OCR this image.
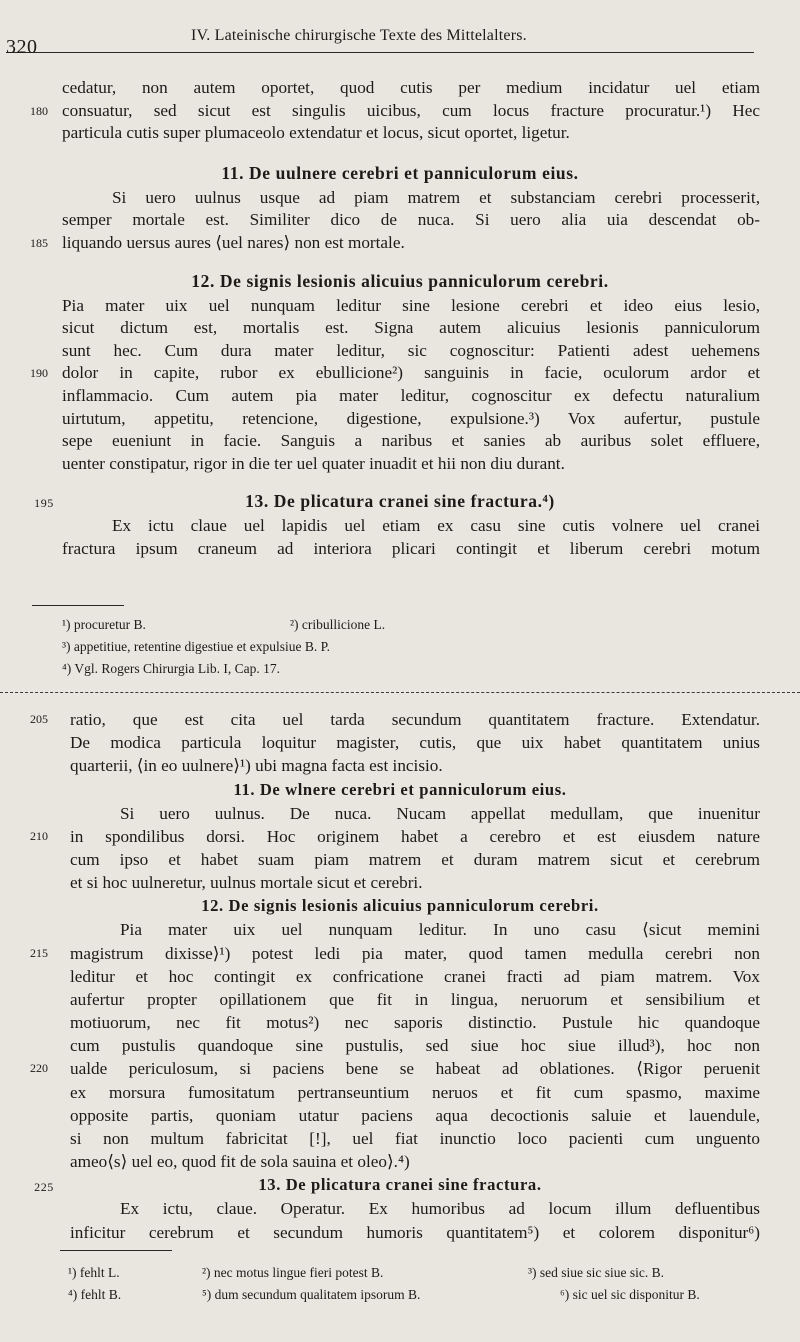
320
IV. Lateinische chirurgische Texte des Mittelalters.
cedatur, non autem oportet, quod cutis per medium incidatur uel etiam
180 consuatur, sed sicut est singulis uicibus, cum locus fracture procuratur.¹) Hec
particula cutis super plumaceolo extendatur et locus, sicut oportet, ligetur.
11. De uulnere cerebri et panniculorum eius.
Si uero uulnus usque ad piam matrem et substanciam cerebri processerit,
semper mortale est. Similiter dico de nuca. Si uero alia uia descendat ob-
185 liquando uersus aures ⟨uel nares⟩ non est mortale.
12. De signis lesionis alicuius panniculorum cerebri.
Pia mater uix uel nunquam leditur sine lesione cerebri et ideo eius lesio,
sicut dictum est, mortalis est. Signa autem alicuius lesionis panniculorum
sunt hec. Cum dura mater leditur, sic cognoscitur: Patienti adest uehemens
190 dolor in capite, rubor ex ebullicione²) sanguinis in facie, oculorum ardor et
inflammacio. Cum autem pia mater leditur, cognoscitur ex defectu naturalium
uirtutum, appetitu, retencione, digestione, expulsione.³) Vox aufertur, pustule
sepe eueniunt in facie. Sanguis a naribus et sanies ab auribus solet effluere,
uenter constipatur, rigor in die ter uel quater inuadit et hii non diu durant.
195	13. De plicatura cranei sine fractura.⁴)
Ex ictu claue uel lapidis uel etiam ex casu sine cutis volnere uel cranei
fractura ipsum craneum ad interiora plicari contingit et liberum cerebri motum
¹) procuretur B.	²) cribullicione L.
³) appetitiue, retentine digestiue et expulsiue B. P.
⁴) Vgl. Rogers Chirurgia Lib. I, Cap. 17.
205	ratio, que est cita uel tarda secundum quantitatem fracture. Extendatur.
De modica particula loquitur magister, cutis, que uix habet quantitatem unius
quarterii, ⟨in eo uulnere⟩¹) ubi magna facta est incisio.
11. De wlnere cerebri et panniculorum eius.
Si uero uulnus. De nuca. Nucam appellat medullam, que inuenitur
210	in spondilibus dorsi. Hoc originem habet a cerebro et est eiusdem nature
cum ipso et habet suam piam matrem et duram matrem sicut et cerebrum
et si hoc uulneretur, uulnus mortale sicut et cerebri.
12. De signis lesionis alicuius panniculorum cerebri.
Pia mater uix uel nunquam leditur. In uno casu ⟨sicut memini
215	magistrum dixisse⟩¹) potest ledi pia mater, quod tamen medulla cerebri non
leditur et hoc contingit ex confricatione cranei fracti ad piam matrem. Vox
aufertur propter opillationem que fit in lingua, neruorum et sensibilium et
motiuorum, nec fit motus²) nec saporis distinctio. Pustule hic quandoque
cum pustulis quandoque sine pustulis, sed siue hoc siue illud³), hoc non
220	ualde periculosum, si paciens bene se habeat ad oblationes. ⟨Rigor peruenit
ex morsura fumositatum pertranseuntium neruos et fit cum spasmo, maxime
opposite partis, quoniam utatur paciens aqua decoctionis saluie et lauendule,
si non multum fabricitat [!], uel fiat inunctio loco pacienti cum unguento
ameo⟨s⟩ uel eo, quod fit de sola sauina et oleo⟩.⁴)
225	13. De plicatura cranei sine fractura.
Ex ictu, claue. Operatur. Ex humoribus ad locum illum defluentibus
inficitur cerebrum et secundum humoris quantitatem⁵) et colorem disponitur⁶)
¹) fehlt L.	²) nec motus lingue fieri potest B.	³) sed siue sic siue sic. B.
⁴) fehlt B.	⁵) dum secundum qualitatem ipsorum B.	⁶) sic uel sic disponitur B.
